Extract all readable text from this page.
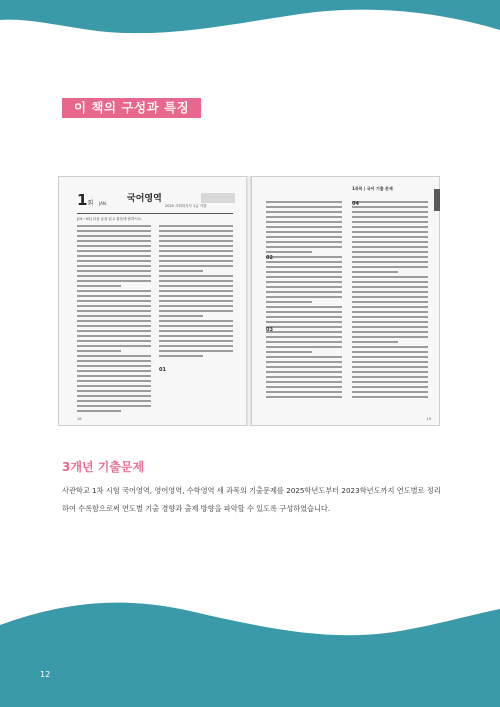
이 책의 구성과 특징
1회 JAN. 국어영역
2025 사회복지사 1급 기출
[01~03] 다음 글을 읽고 물음에 답하시오.
01
18
1과목 | 국어 기출 문제
02
03
04
19
3개년 기출문제
사관학교 1차 시험 국어영역, 영어영역, 수학영역 세 과목의 기출문제를 2025학년도부터 2023학년도까지 연도별로 정리하여 수록함으로써 연도별 기출 경향과 출제 방향을 파악할 수 있도록 구성하였습니다.
12
